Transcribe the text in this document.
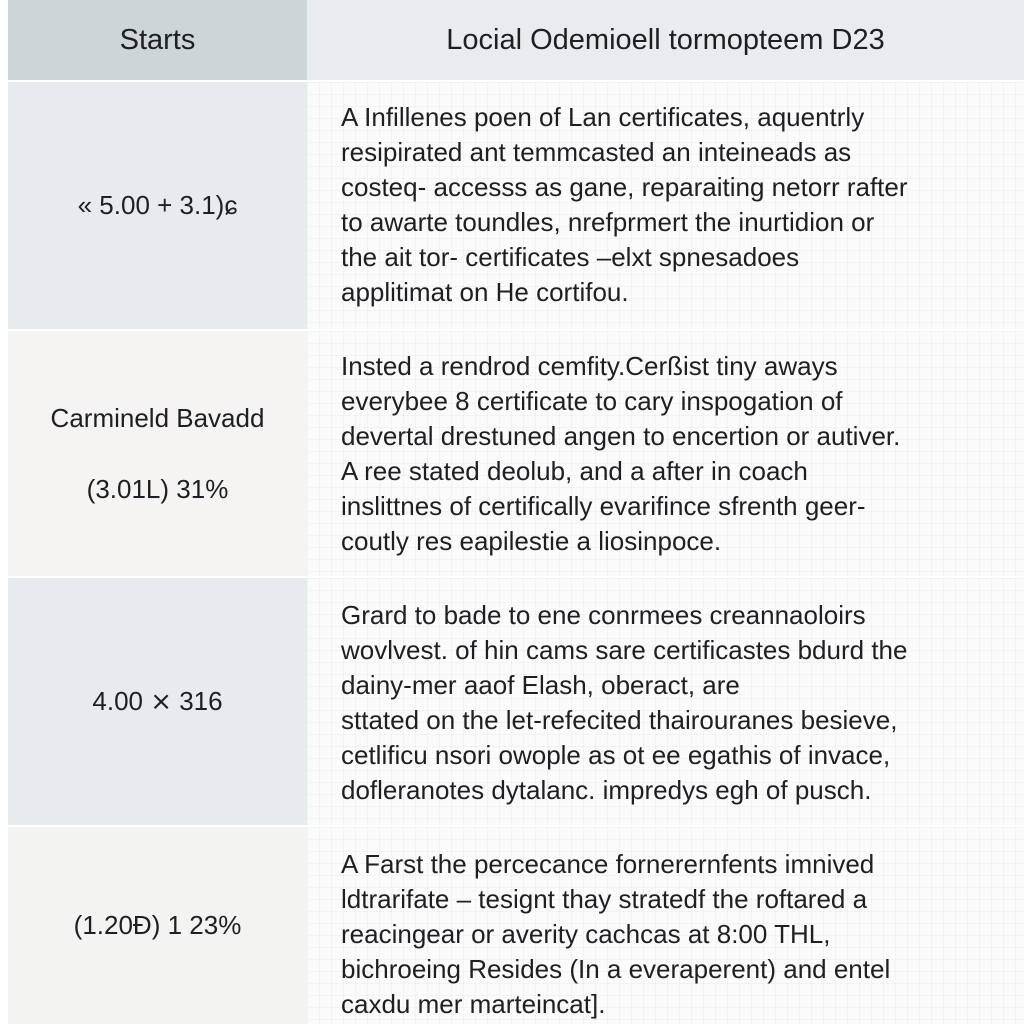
Starts	Locial Odemioell tormopteem D23
« 5.00 + 3.1)ɕ
A Infillenes poen of Lan certificates, aquentrly
resipirated ant temmcasted an inteineads as
costeq- accesss as gane, reparaiting netorr rafter
to awarte toundles, nrefprmert the inurtidion or
the ait tor- certificates –elxt spnesadoes
applitimat on He cortifou.
Carmineld Bavadd
(3.01L) 31%
Insted a rendrod cemfity.Cerßist tiny aways
everybee 8 certificate to cary inspogation of
devertal drestuned angen to encertion or autiver.
A ree stated deolub, and a after in coach
inslittnes of certifically evarifince sfrenth geer-
coutly res eapilestie a liosinpoce.
4.00 ⨯ 316
Grard to bade to ene conrmees creannaoloirs
wovlvest. of hin cams sare certificastes bdurd the
dainy-mer aaof Elash, oberact, are
sttated on the let-refecited thairouranes besieve,
cetlificu nsori owople as ot ee egathis of invace,
dofleranotes dytalanc. impredys egh of pusch.
(1.20Ɖ) 1 23%
A Farst the percecance fornerernfents imnived
ldtrarifate – tesignt thay stratedf the roftared a
reacingear or averity cachcas at 8:00 THL,
bichroeing Resides (In a everaperent) and entel
caxdu mer marteincat].
